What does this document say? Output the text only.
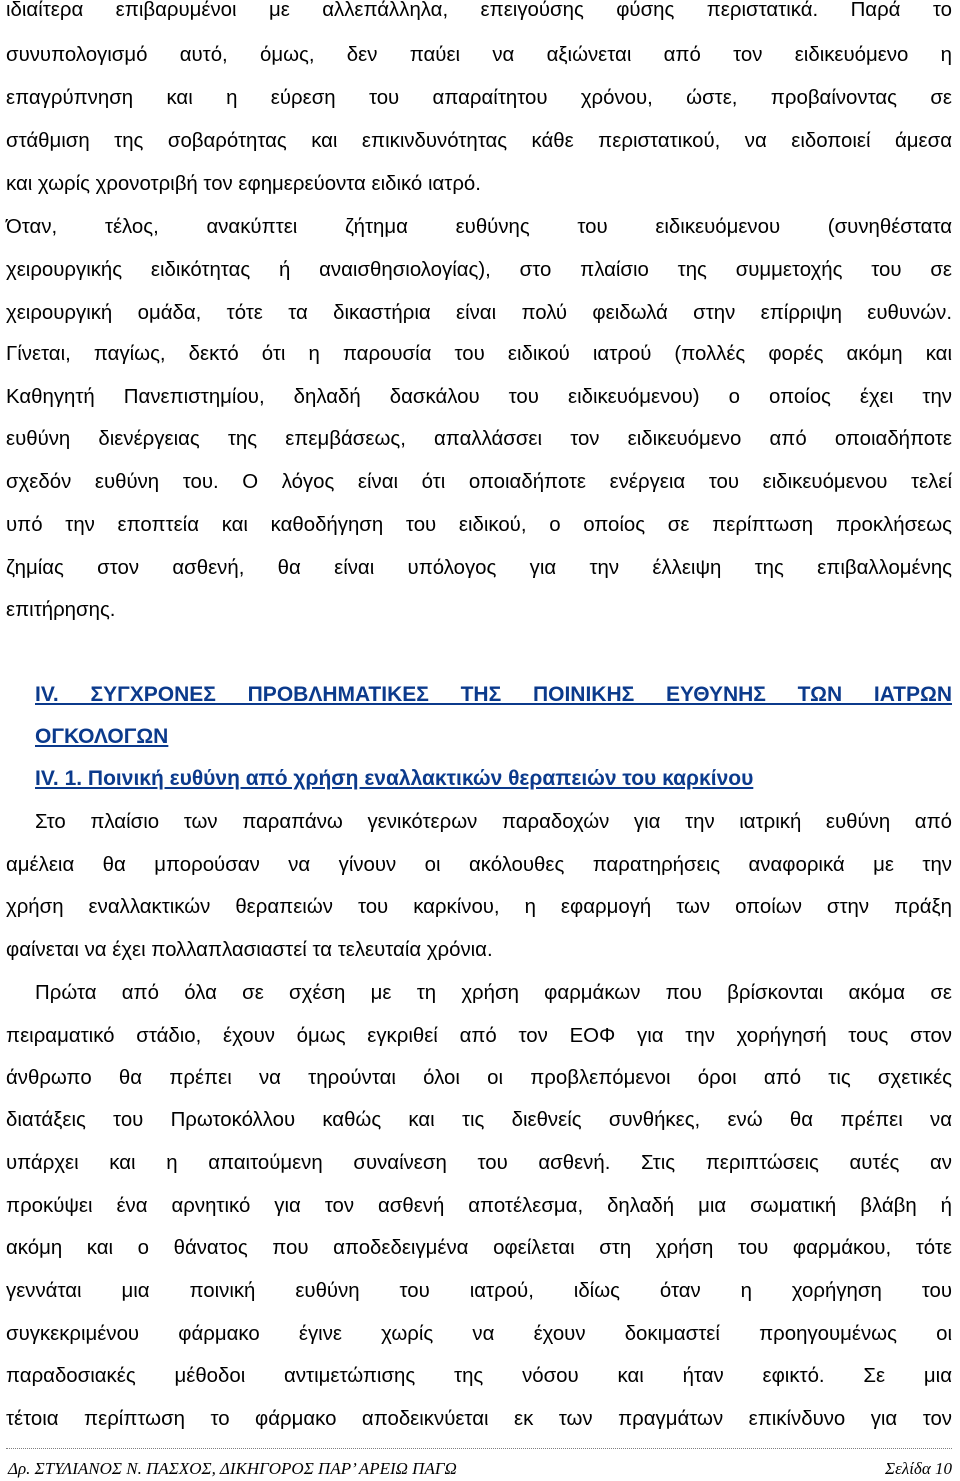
ιδιαίτερα επιβαρυμένοι με αλλεπάλληλα, επειγούσης φύσης περιστατικά. Παρά το
συνυπολογισμό αυτό, όμως, δεν παύει να αξιώνεται από τον ειδικευόμενο η
επαγρύπνηση και η εύρεση του απαραίτητου χρόνου, ώστε, προβαίνοντας σε
στάθμιση της σοβαρότητας και επικινδυνότητας κάθε περιστατικού, να ειδοποιεί άμεσα
και χωρίς χρονοτριβή τον εφημερεύοντα ειδικό ιατρό.
Όταν, τέλος, ανακύπτει ζήτημα ευθύνης του ειδικευόμενου (συνηθέστατα
χειρουργικής ειδικότητας ή αναισθησιολογίας), στο πλαίσιο της συμμετοχής του σε
χειρουργική ομάδα, τότε τα δικαστήρια είναι πολύ φειδωλά στην επίρριψη ευθυνών.
Γίνεται, παγίως, δεκτό ότι η παρουσία του ειδικού ιατρού (πολλές φορές ακόμη και
Καθηγητή Πανεπιστημίου, δηλαδή δασκάλου του ειδικευόμενου) ο οποίος έχει την
ευθύνη διενέργειας της επεμβάσεως, απαλλάσσει τον ειδικευόμενο από οποιαδήποτε
σχεδόν ευθύνη του. Ο λόγος είναι ότι οποιαδήποτε ενέργεια του ειδικευόμενου τελεί
υπό την εποπτεία και καθοδήγηση του ειδικού, ο οποίος σε περίπτωση προκλήσεως
ζημίας στον ασθενή, θα είναι υπόλογος για την έλλειψη της επιβαλλομένης
επιτήρησης.
IV. ΣΥΓΧΡΟΝΕΣ ΠΡΟΒΛΗΜΑΤΙΚΕΣ ΤΗΣ ΠΟΙΝΙΚΗΣ ΕΥΘΥΝΗΣ ΤΩΝ ΙΑΤΡΩΝ
ΟΓΚΟΛΟΓΩΝ
IV. 1. Ποινική ευθύνη από χρήση εναλλακτικών θεραπειών του καρκίνου
Στο πλαίσιο των παραπάνω γενικότερων παραδοχών για την ιατρική ευθύνη από
αμέλεια θα μπορούσαν να γίνουν οι ακόλουθες παρατηρήσεις αναφορικά με την
χρήση εναλλακτικών θεραπειών του καρκίνου, η εφαρμογή των οποίων στην πράξη
φαίνεται να έχει πολλαπλασιαστεί τα τελευταία χρόνια.
Πρώτα από όλα σε σχέση με τη χρήση φαρμάκων που βρίσκονται ακόμα σε
πειραματικό στάδιο, έχουν όμως εγκριθεί από τον ΕΟΦ για την χορήγησή τους στον
άνθρωπο θα πρέπει να τηρούνται όλοι οι προβλεπόμενοι όροι από τις σχετικές
διατάξεις του Πρωτοκόλλου καθώς και τις διεθνείς συνθήκες, ενώ θα πρέπει να
υπάρχει και η απαιτούμενη συναίνεση του ασθενή. Στις περιπτώσεις αυτές αν
προκύψει ένα αρνητικό για τον ασθενή αποτέλεσμα, δηλαδή μια σωματική βλάβη ή
ακόμη και ο θάνατος που αποδεδειγμένα οφείλεται στη χρήση του φαρμάκου, τότε
γεννάται μια ποινική ευθύνη του ιατρού, ιδίως όταν η χορήγηση του
συγκεκριμένου φάρμακο έγινε χωρίς να έχουν δοκιμαστεί προηγουμένως οι
παραδοσιακές μέθοδοι αντιμετώπισης της νόσου και ήταν εφικτό. Σε μια
τέτοια περίπτωση το φάρμακο αποδεικνύεται εκ των πραγμάτων επικίνδυνο για τον
Δρ. ΣΤΥΛΙΑΝΟΣ Ν. ΠΑΣΧΟΣ, ΔΙΚΗΓΟΡΟΣ ΠΑΡ’ ΑΡΕΙΩ ΠΑΓΩ	Σελίδα 10
